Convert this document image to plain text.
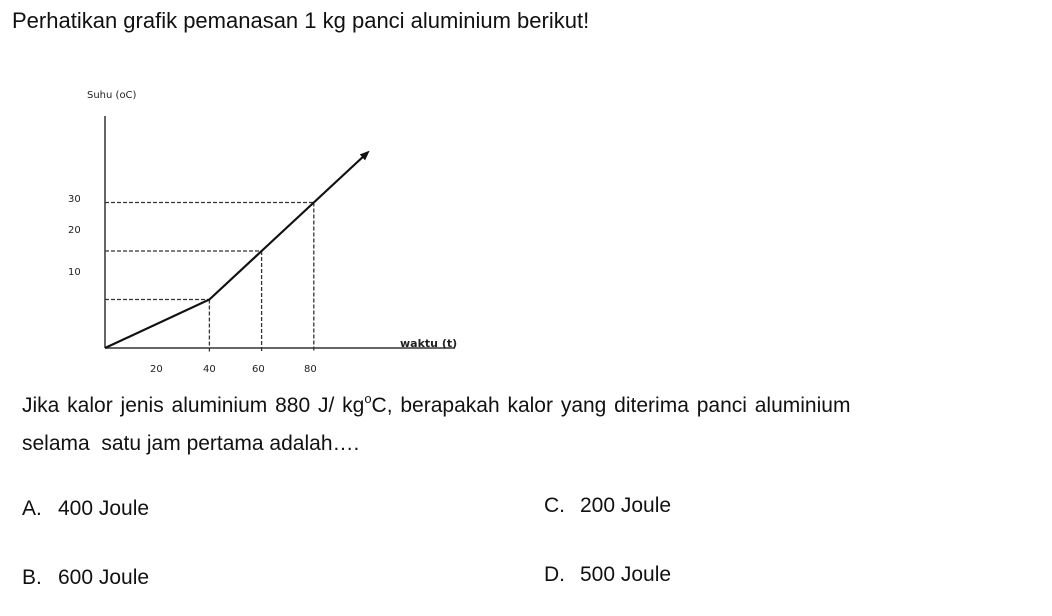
Perhatikan grafik pemanasan 1 kg panci aluminium berikut!
Suhu (oC)
waktu (t)
10
20
30
20	40	60	80
Jika kalor jenis aluminium 880 J/ $kg^oC$, berapakah kalor yang diterima panci aluminium
selama  satu jam pertama adalah….
A. 400 Joule
B. 600 Joule
C. 200 Joule
D. 500 Joule
